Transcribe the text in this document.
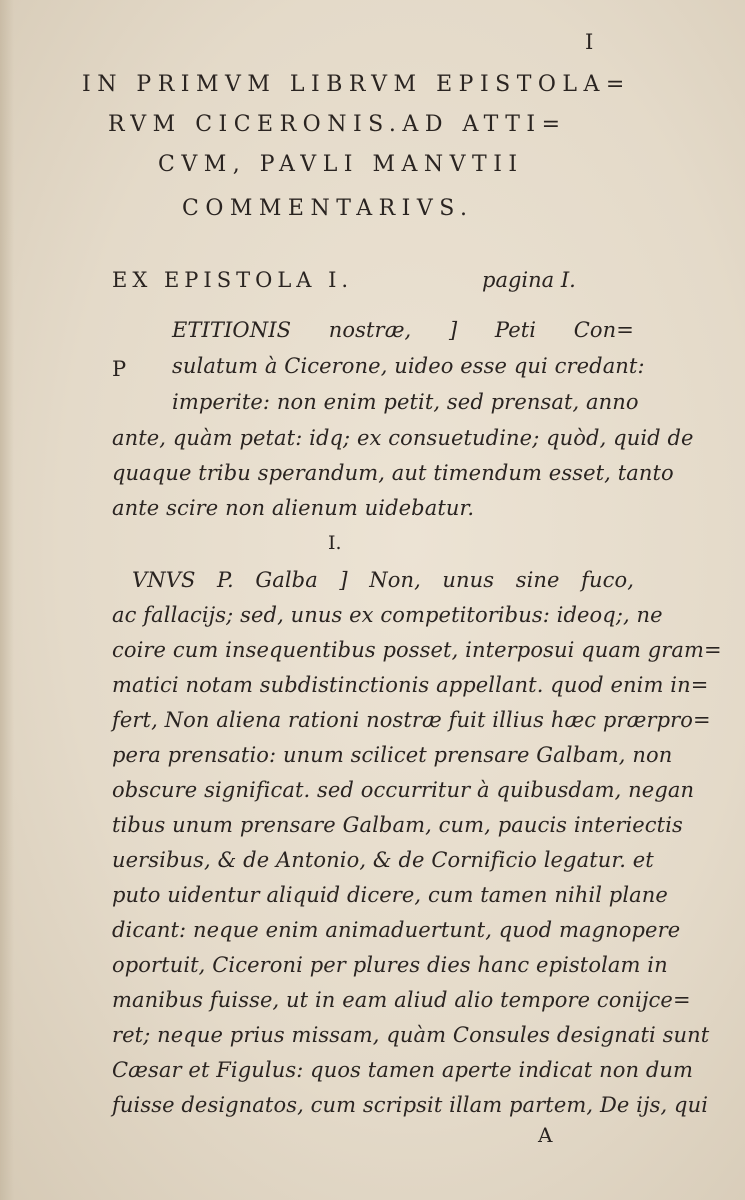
I
IN PRIMVM LIBRVM EPISTOLA=
RVM CICERONIS.AD ATTI=
CVM, PAVLI MANVTII
COMMENTARIVS.
EX EPISTOLA I.	pagina I.
ETITIONIS nostræ, ] Peti Con=
P sulatum à Cicerone, uideo esse qui credant:
imperite: non enim petit, sed prensat, anno
ante, quàm petat: idq; ex consuetudine; quòd, quid de
quaque tribu sperandum, aut timendum esset, tanto
ante scire non alienum uidebatur.
I.
VNVS P. Galba ] Non, unus sine fuco,
ac fallacijs; sed, unus ex competitoribus: ideoq;, ne
coire cum insequentibus posset, interposui quam gram=
matici notam subdistinctionis appellant. quod enim in=
fert, Non aliena rationi nostræ fuit illius hæc prærpro=
pera prensatio: unum scilicet prensare Galbam, non
obscure significat. sed occurritur à quibusdam, negan
tibus unum prensare Galbam, cum, paucis interiectis
uersibus, & de Antonio, & de Cornificio legatur. et
puto uidentur aliquid dicere, cum tamen nihil plane
dicant: neque enim animaduertunt, quod magnopere
oportuit, Ciceroni per plures dies hanc epistolam in
manibus fuisse, ut in eam aliud alio tempore conijce=
ret; neque prius missam, quàm Consules designati sunt
Cæsar et Figulus: quos tamen aperte indicat non dum
fuisse designatos, cum scripsit illam partem, De ijs, qui
A
